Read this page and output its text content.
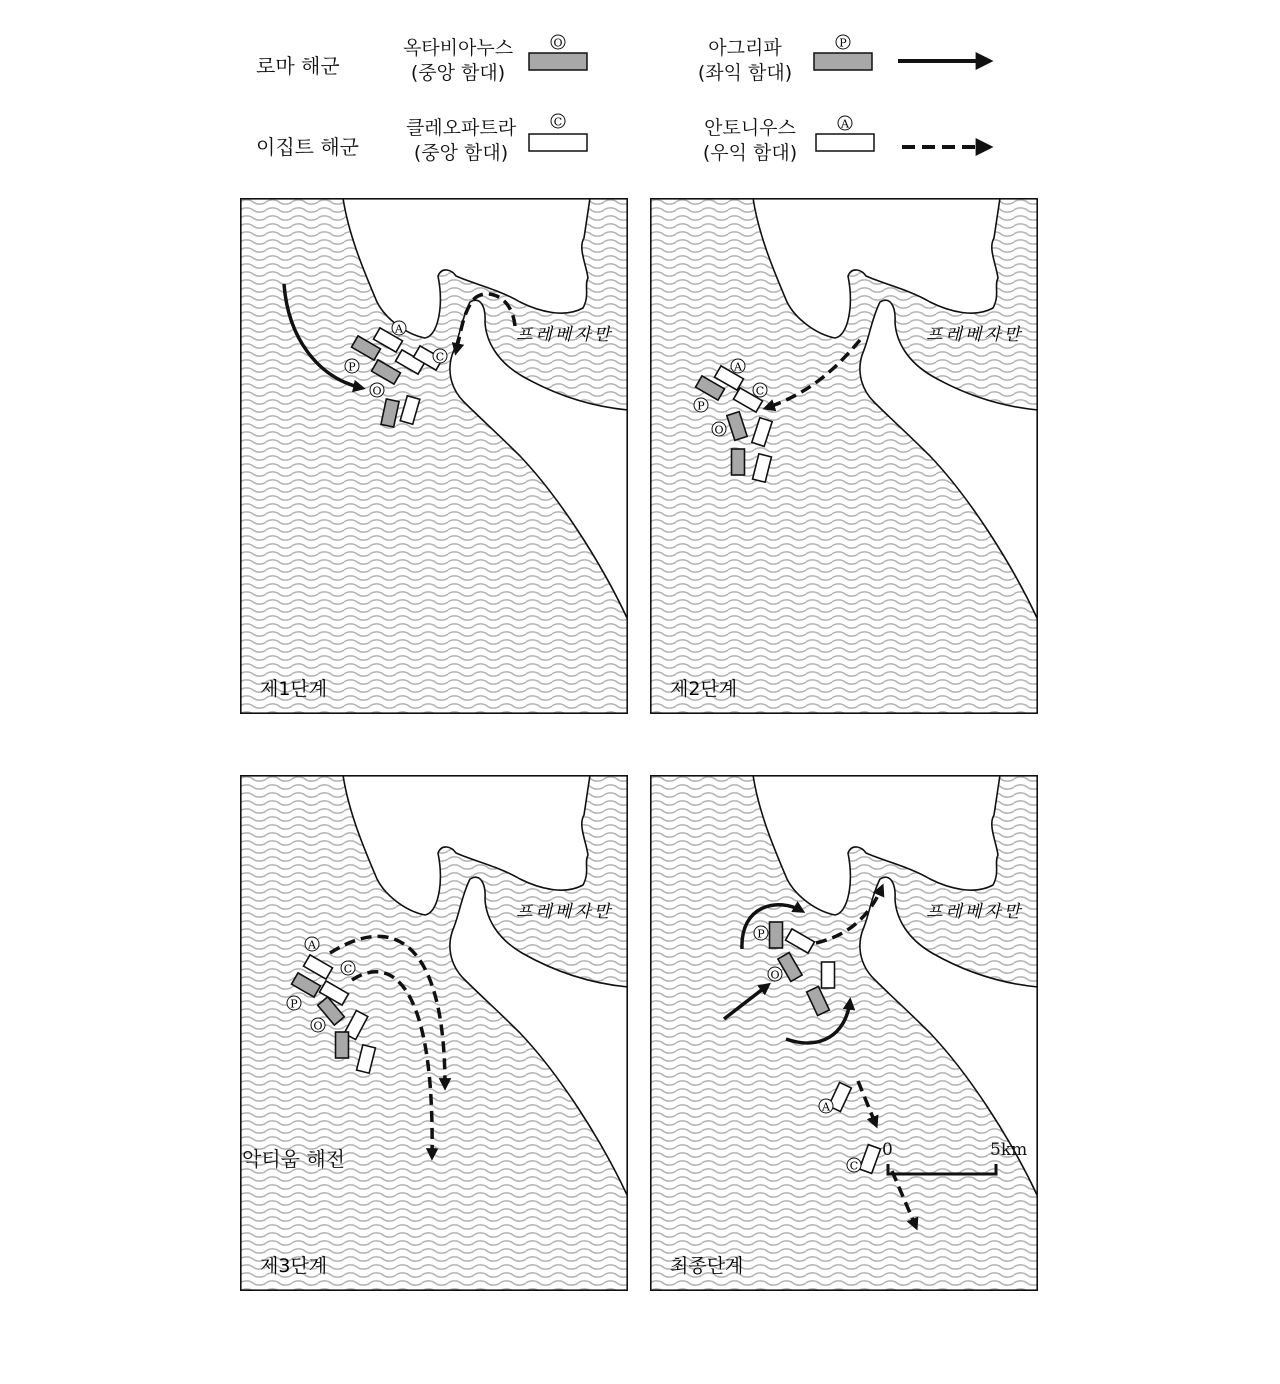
로마 해군
이집트 해군
옥타비아누스
(중앙 함대)
클레오파트라
(중앙 함대)
아그리파
(좌익 함대)
안토니우스
(우익 함대)
O
C
P
A
프레베자만
A
C
P
O
제1단계
프레베자만
A
C
P
O
제2단계
프레베자만
A
C
P
O
제3단계
프레베자만
P
O
A
C
최종단계
악티움 해전	0	5km
